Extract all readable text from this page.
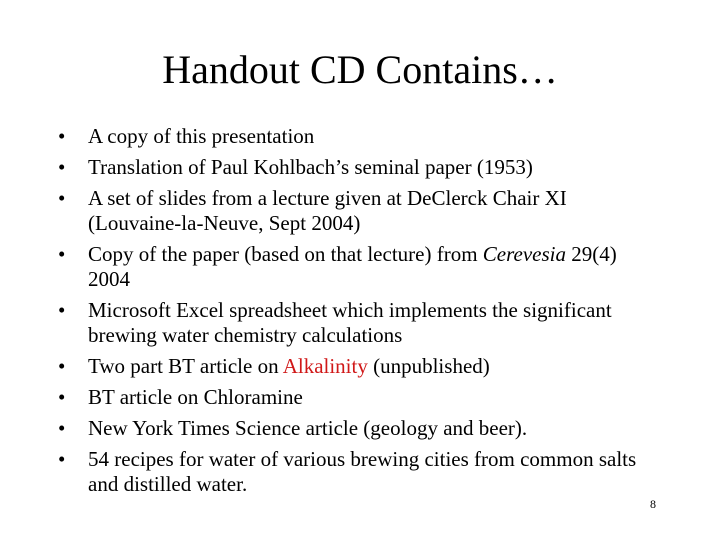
Handout CD Contains…
• A copy of this presentation
• Translation of Paul Kohlbach’s seminal paper (1953)
• A set of slides from a lecture given at DeClerck Chair XI (Louvaine-la-Neuve, Sept 2004)
• Copy of the paper (based on that lecture) from Cerevesia 29(4) 2004
• Microsoft Excel spreadsheet which implements the significant brewing water chemistry calculations
• Two part BT article on Alkalinity (unpublished)
• BT article on Chloramine
• New York Times Science article (geology and beer).
• 54 recipes for water of various brewing cities from common salts and distilled water.
8
